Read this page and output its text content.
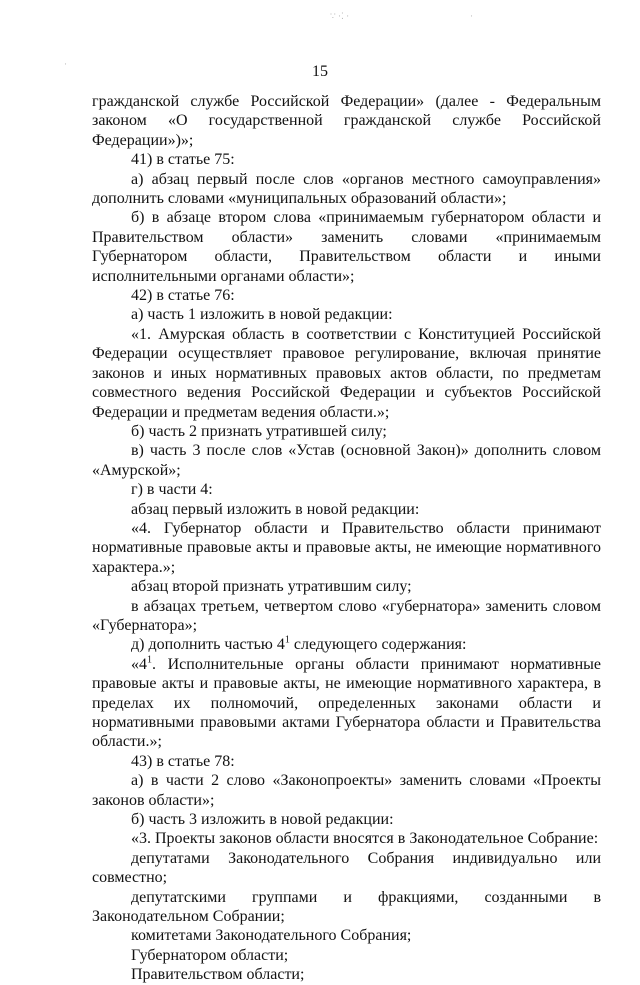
∵ ·⁚ ·	·
·	15

гражданской службе Российской Федерации» (далее - Федеральным законом «О государственной гражданской службе Российской Федерации»)»;

41) в статье 75:

а) абзац первый после слов «органов местного самоуправления» дополнить словами «муниципальных образований области»;

б) в абзаце втором слова «принимаемым губернатором области и Правительством области» заменить словами «принимаемым Губернатором области, Правительством области и иными исполнительными органами области»;

42) в статье 76:

а) часть 1 изложить в новой редакции:

«1. Амурская область в соответствии с Конституцией Российской Федерации осуществляет правовое регулирование, включая принятие законов и иных нормативных правовых актов области, по предметам совместного ведения Российской Федерации и субъектов Российской Федерации и предметам ведения области.»;

б) часть 2 признать утратившей силу;

в) часть 3 после слов «Устав (основной Закон)» дополнить словом «Амурской»;

г) в части 4:

абзац первый изложить в новой редакции:

«4. Губернатор области и Правительство области принимают нормативные правовые акты и правовые акты, не имеющие нормативного характера.»;

абзац второй признать утратившим силу;

в абзацах третьем, четвертом слово «губернатора» заменить словом «Губернатора»;

д) дополнить частью $4^1$ следующего содержания:

«$4^1$. Исполнительные органы области принимают нормативные правовые акты и правовые акты, не имеющие нормативного характера, в пределах их полномочий, определенных законами области и нормативными правовыми актами Губернатора области и Правительства области.»;

43) в статье 78:

а) в части 2 слово «Законопроекты» заменить словами «Проекты законов области»;

б) часть 3 изложить в новой редакции:

«3. Проекты законов области вносятся в Законодательное Собрание:

депутатами Законодательного Собрания индивидуально или совместно;

депутатскими группами и фракциями, созданными в Законодательном Собрании;

комитетами Законодательного Собрания;

Губернатором области;

Правительством области;
